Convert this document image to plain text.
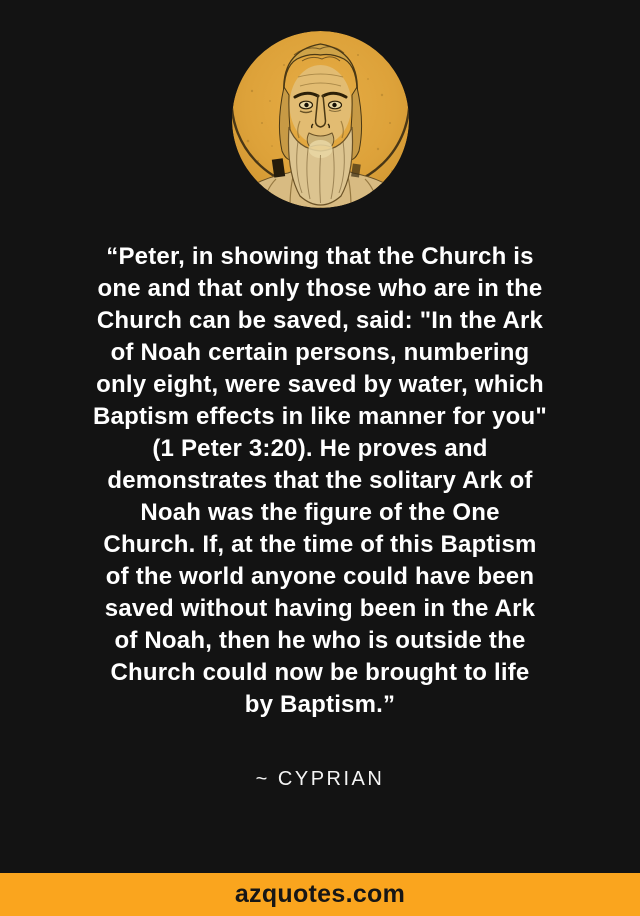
“Peter, in showing that the Church is
one and that only those who are in the
Church can be saved, said: "In the Ark
of Noah certain persons, numbering
only eight, were saved by water, which
Baptism effects in like manner for you"
(1 Peter 3:20). He proves and
demonstrates that the solitary Ark of
Noah was the figure of the One
Church. If, at the time of this Baptism
of the world anyone could have been
saved without having been in the Ark
of Noah, then he who is outside the
Church could now be brought to life
by Baptism.”
~ CYPRIAN
azquotes.com
